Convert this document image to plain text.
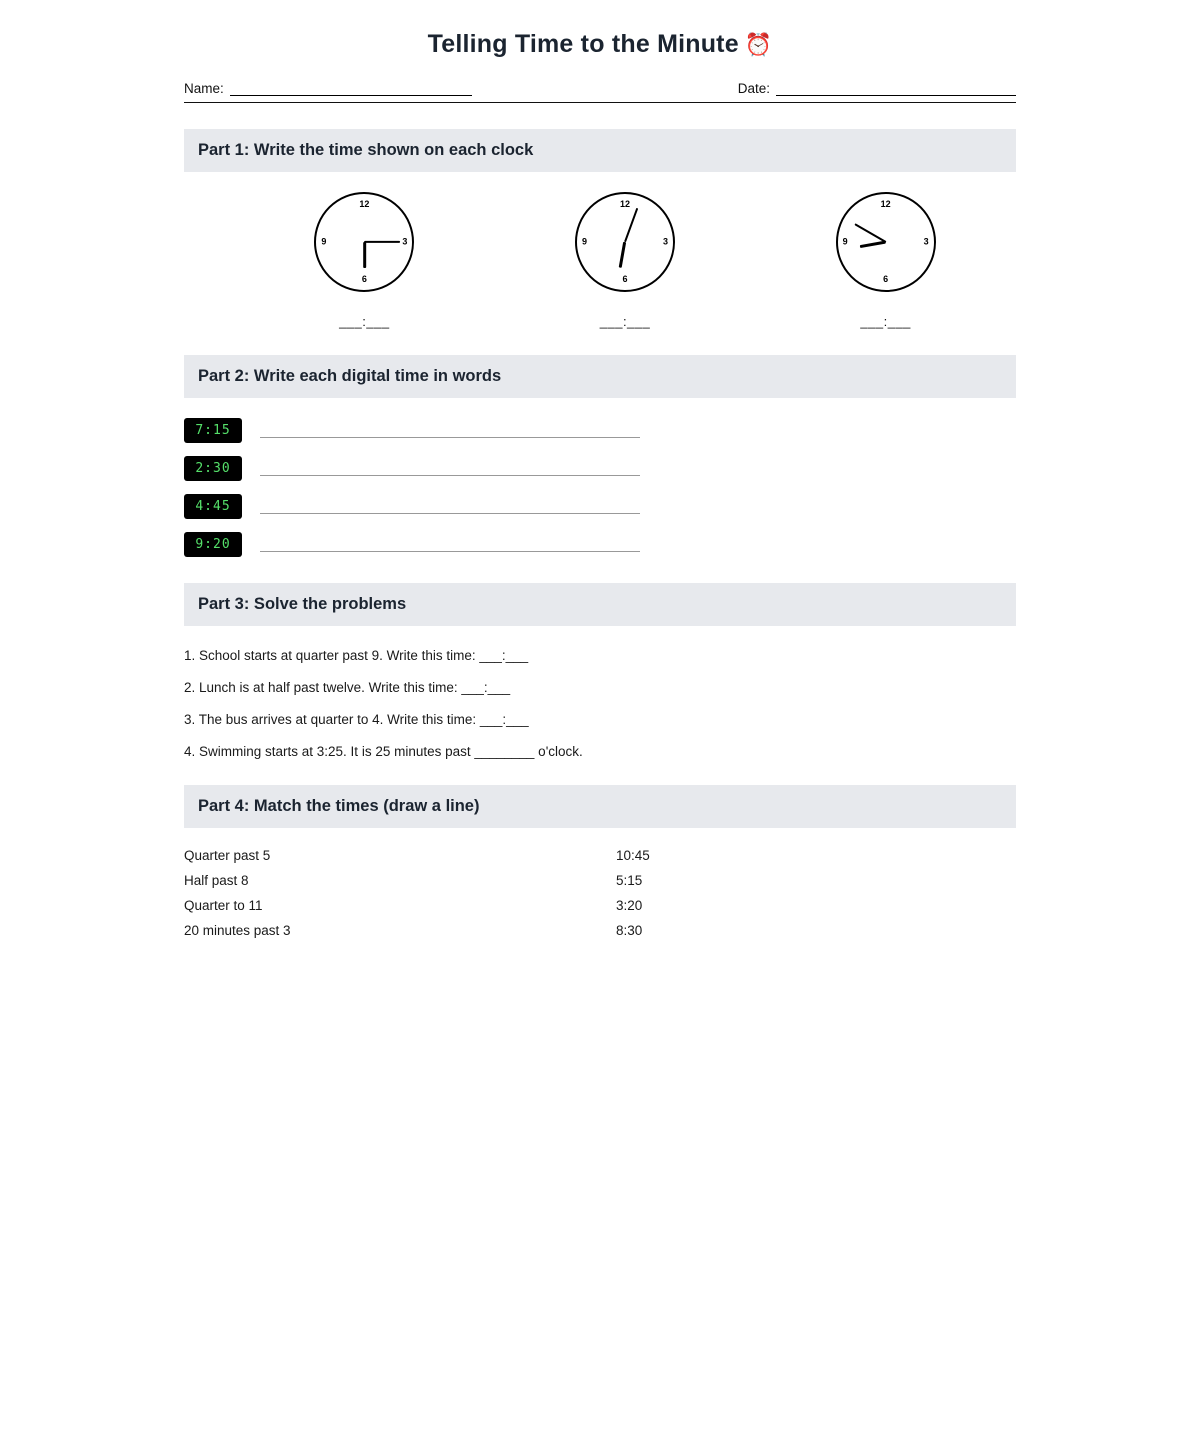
Telling Time to the Minute ⏰
Name:	Date:
Part 1: Write the time shown on each clock
12
3
6
9
___:___
12
3
6
9
___:___
12
3
6
9
___:___
Part 2: Write each digital time in words
7:15
2:30
4:45
9:20
Part 3: Solve the problems
1. School starts at quarter past 9. Write this time: ___:___
2. Lunch is at half past twelve. Write this time: ___:___
3. The bus arrives at quarter to 4. Write this time: ___:___
4. Swimming starts at 3:25. It is 25 minutes past ________ o'clock.
Part 4: Match the times (draw a line)
Quarter past 5	10:45
Half past 8	5:15
Quarter to 11	3:20
20 minutes past 3	8:30
